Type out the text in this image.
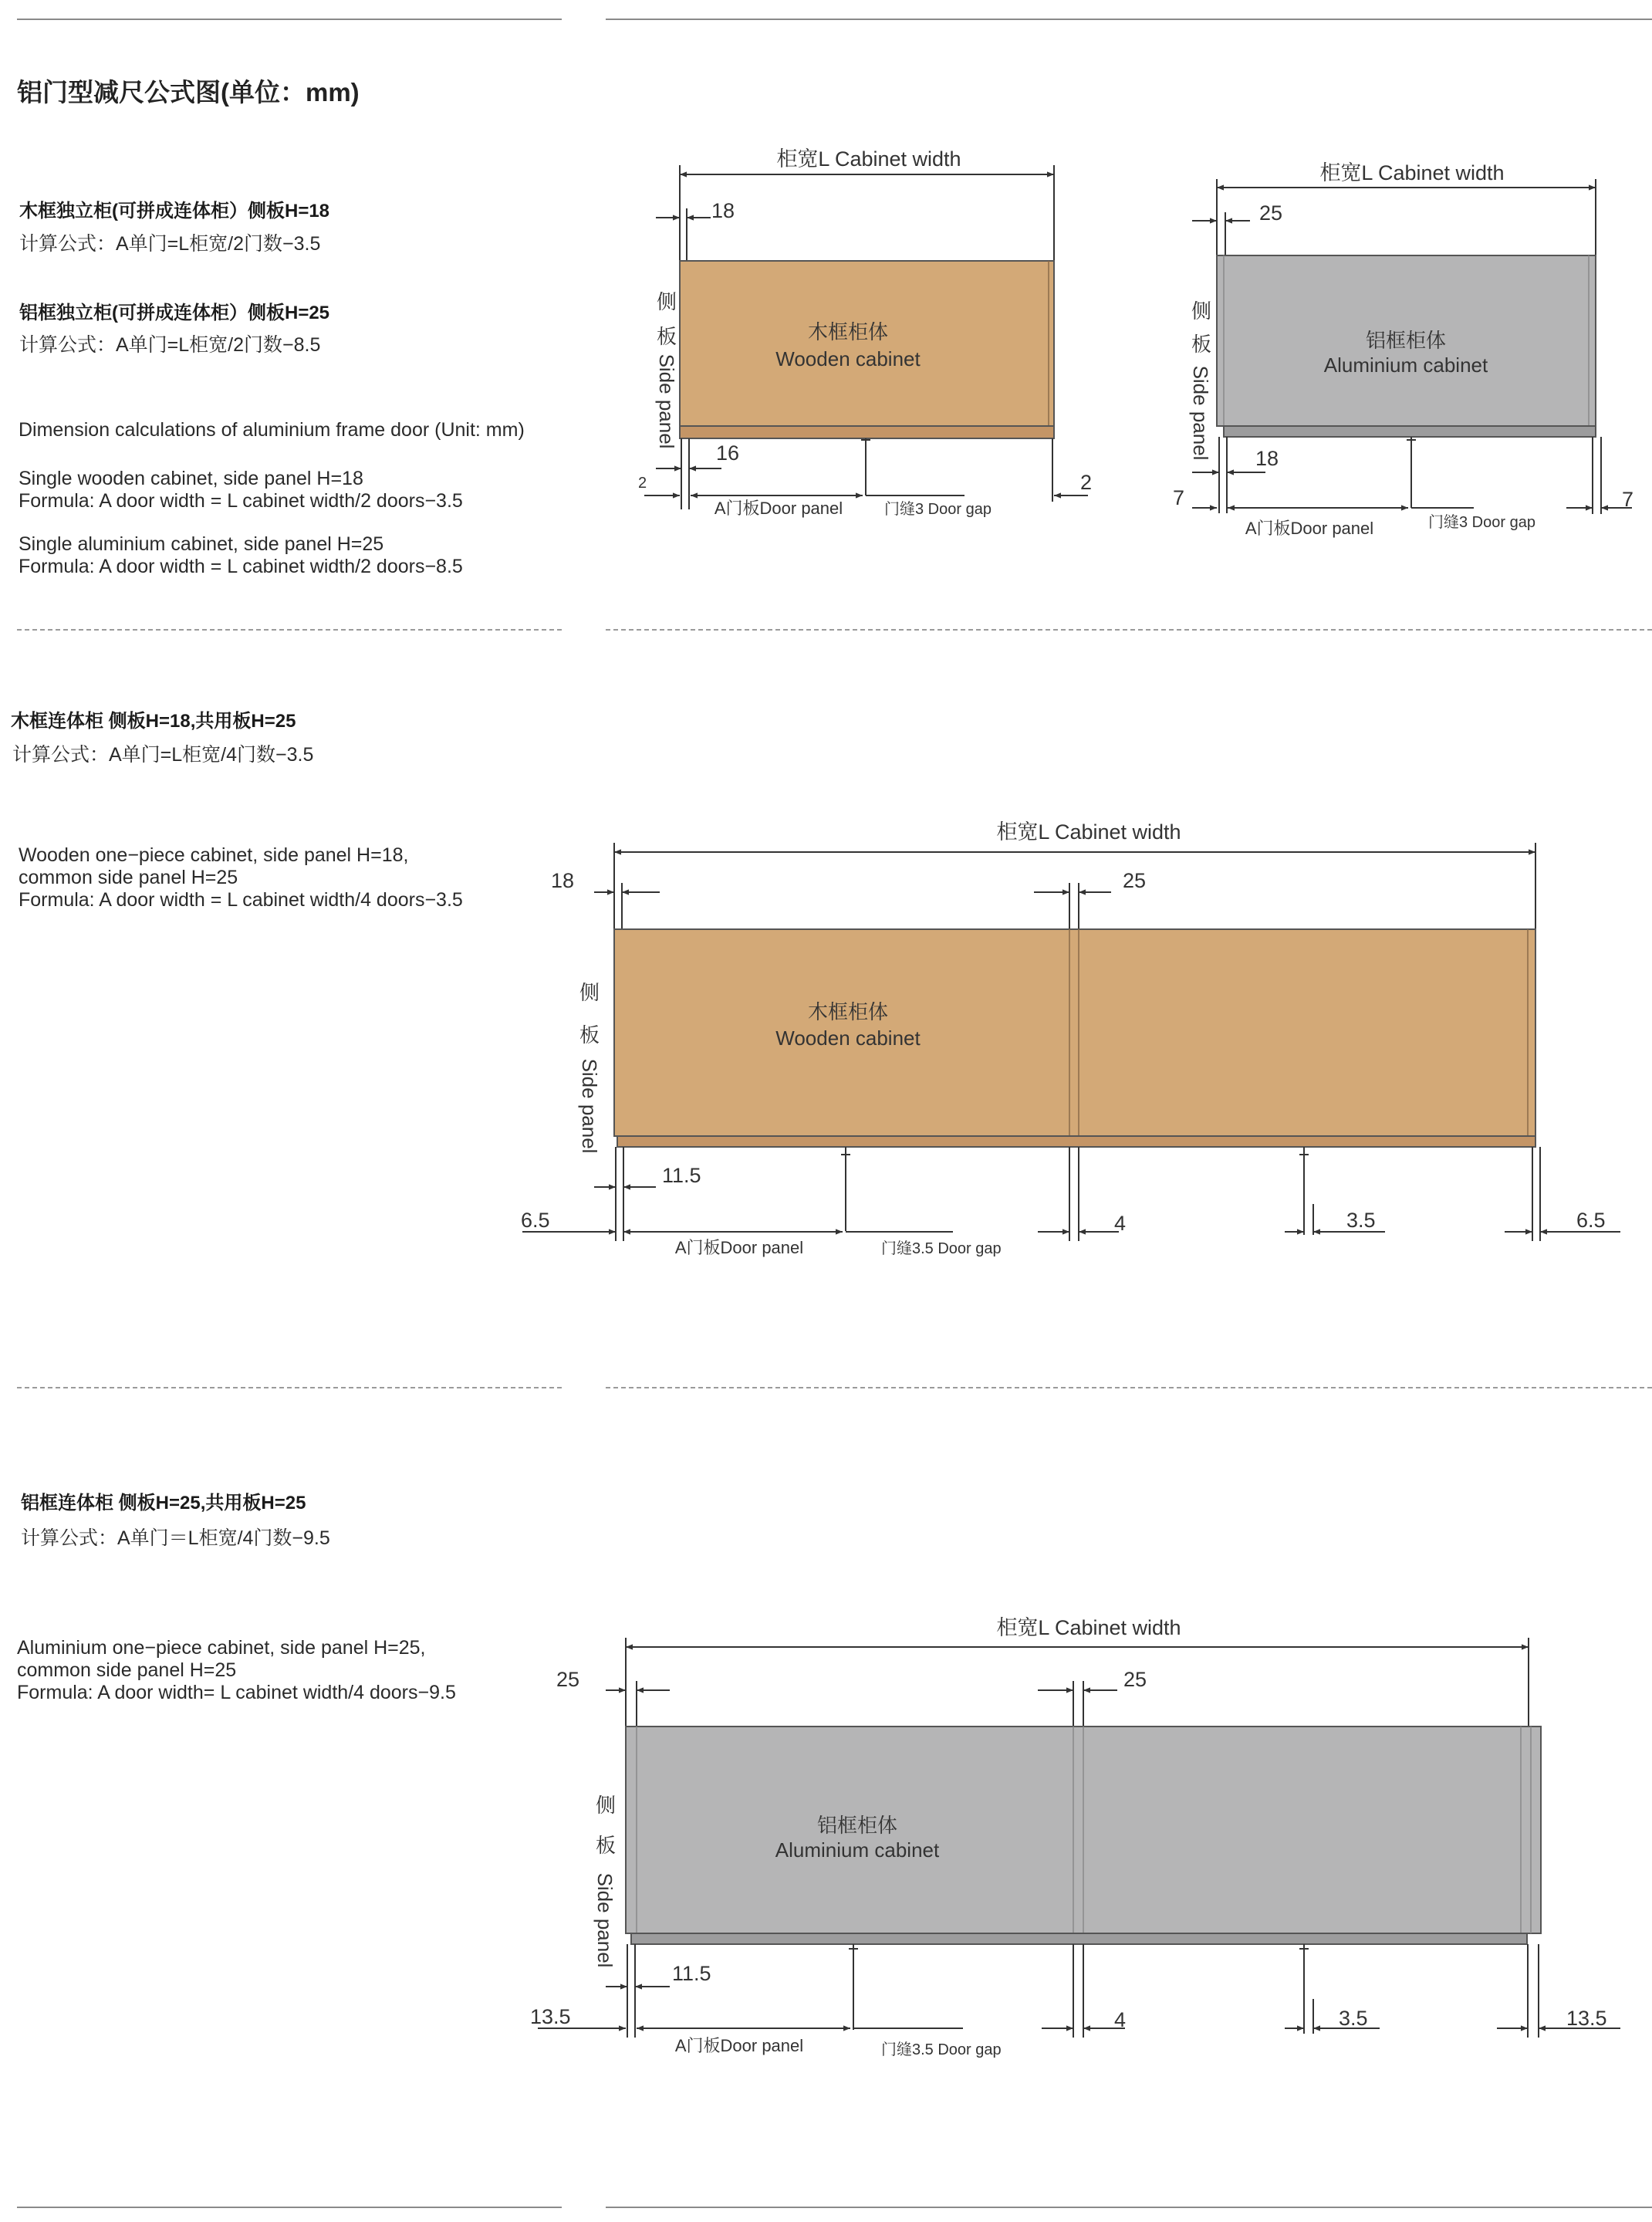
铝门型减尺公式图(单位：mm)
木框独立柜(可拼成连体柜）侧板H=18
计算公式：A单门=L柜宽/2门数−3.5
铝框独立柜(可拼成连体柜）侧板H=25
计算公式：A单门=L柜宽/2门数−8.5
Dimension calculations of aluminium frame door (Unit: mm)
Single wooden cabinet, side panel H=18
Formula: A door width = L cabinet width/2 doors−3.5
Single aluminium cabinet, side panel H=25
Formula: A door width = L cabinet width/2 doors−8.5
木框连体柜 侧板H=18,共用板H=25
计算公式：A单门=L柜宽/4门数−3.5
Wooden one−piece cabinet, side panel H=18,
common side panel H=25
Formula: A door width = L cabinet width/4 doors−3.5
铝框连体柜 侧板H=25,共用板H=25
计算公式：A单门＝L柜宽/4门数−9.5
Aluminium one−piece cabinet, side panel H=25,
common side panel H=25
Formula: A door width= L cabinet width/4 doors−9.5
柜宽L Cabinet width
18
16
2	2
侧
板
Side panel
木框柜体
Wooden cabinet
A门板Door panel	门缝3 Door gap
柜宽L Cabinet width
25
18
7	7
侧
板
Side panel
铝框柜体
Aluminium cabinet
A门板Door panel	门缝3 Door gap
柜宽L Cabinet width
18	25
11.5
6.5	4	3.5	6.5
侧
板
Side panel
木框柜体
Wooden cabinet
A门板Door panel	门缝3.5 Door gap
柜宽L Cabinet width
25	25
11.5
13.5	4	3.5	13.5
侧
板
Side panel
铝框柜体
Aluminium cabinet
A门板Door panel	门缝3.5 Door gap
